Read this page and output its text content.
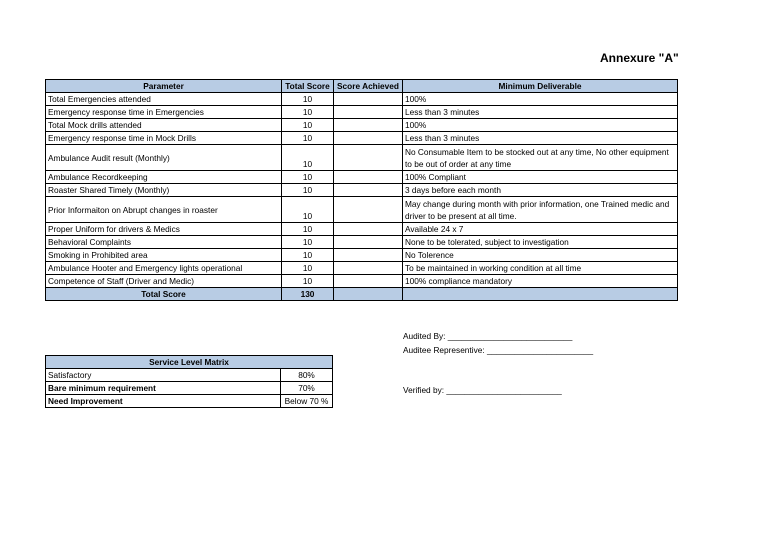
Annexure "A"
Parameter	Total Score	Score Achieved	Minimum Deliverable
Total Emergencies attended	10		100%
Emergency response time in Emergencies	10		Less than 3 minutes
Total Mock drills attended	10		100%
Emergency response time in Mock Drills	10		Less than 3 minutes
Ambulance Audit result (Monthly)	10		No Consumable Item to be stocked out at any time, No other equipment to be out of order at any time
Ambulance Recordkeeping	10		100% Compliant
Roaster Shared Timely (Monthly)	10		3 days before each month
Prior Informaiton on Abrupt changes in roaster	10		May change during month with prior information, one Trained medic and driver to be present at all time.
Proper Uniform for drivers & Medics	10		Available 24 x 7
Behavioral Complaints	10		None to be tolerated, subject to investigation
Smoking in Prohibited area	10		No Tolerence
Ambulance Hooter and Emergency lights operational	10		To be maintained in working condition at all time
Competence of Staff (Driver and Medic)	10		100% compliance mandatory
Total Score	130		
Audited By: ___________________________
Auditee Representive: _______________________
Verified by: _________________________
Service Level Matrix	
Satisfactory	80%
Bare minimum requirement	70%
Need Improvement	Below 70 %
